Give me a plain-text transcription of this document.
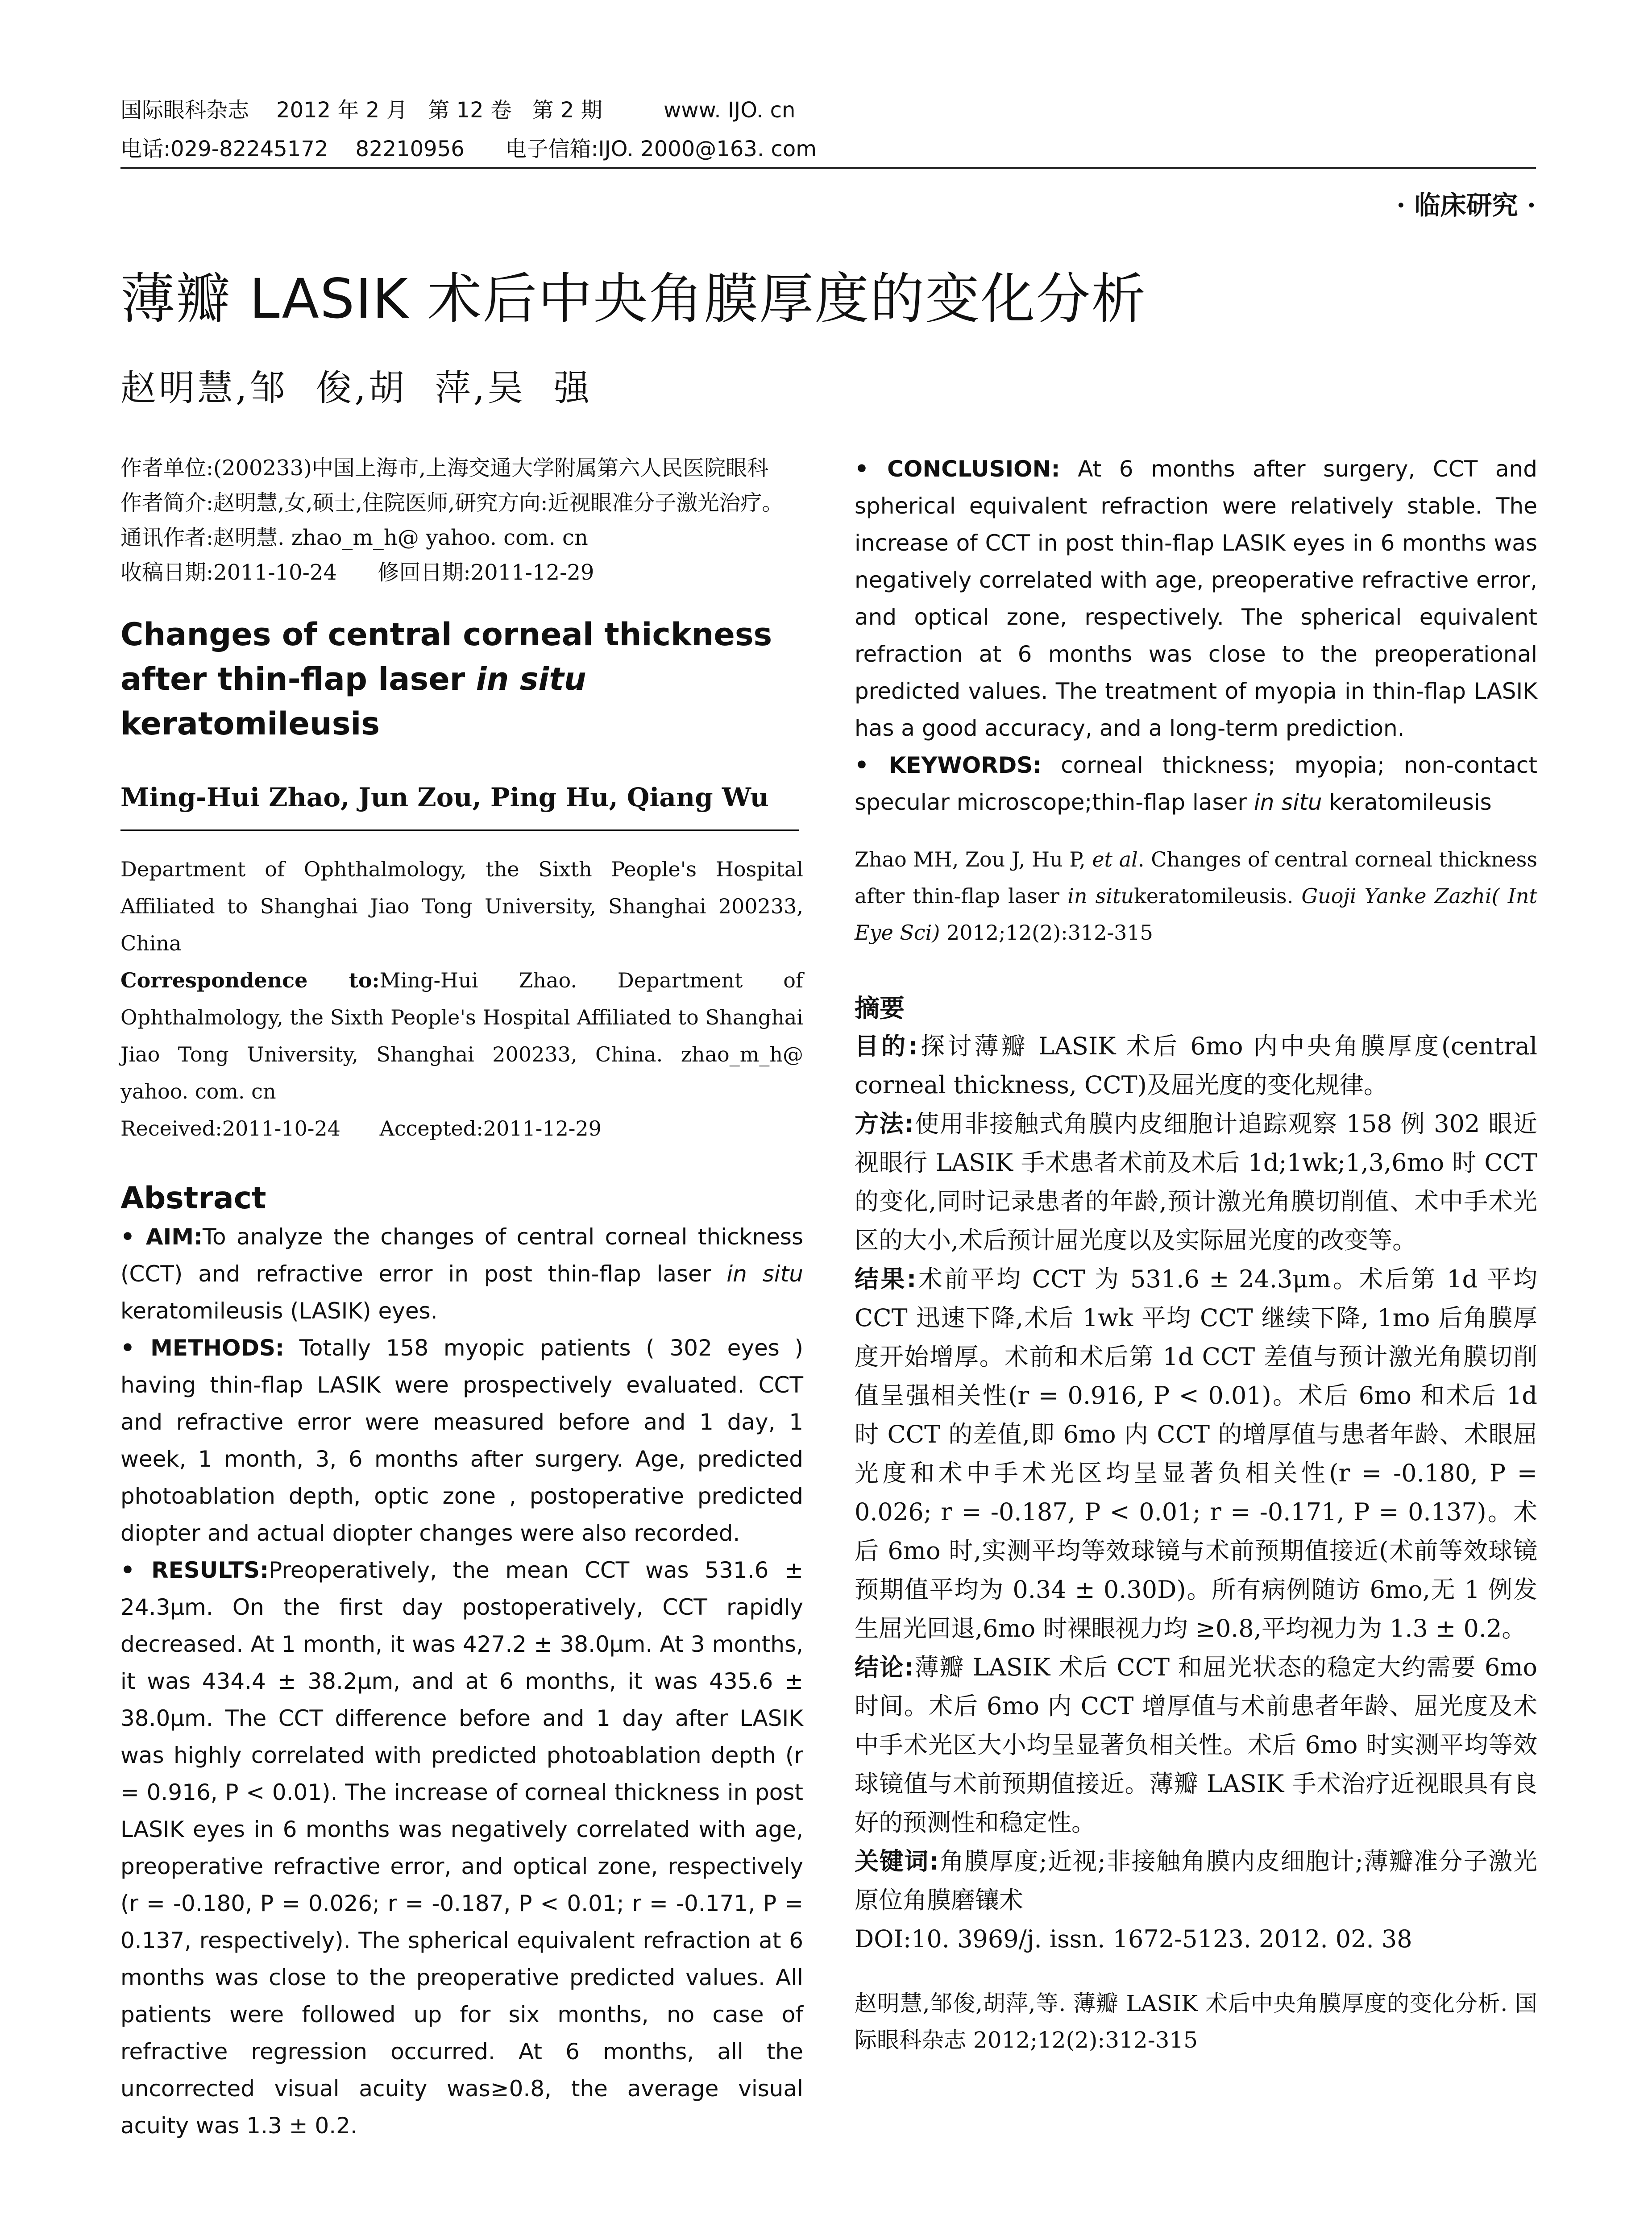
国际眼科杂志    2012 年 2 月   第 12 卷   第 2 期         www. IJO. cn
电话:029-82245172    82210956      电子信箱:IJO. 2000@163. com
· 临床研究 ·
薄瓣 LASIK 术后中央角膜厚度的变化分析
赵明慧,邹  俊,胡  萍,吴  强

作者单位:(200233)中国上海市,上海交通大学附属第六人民医院眼科

作者简介:赵明慧,女,硕士,住院医师,研究方向:近视眼准分子激光治疗。

通讯作者:赵明慧. zhao_m_h@ yahoo. com. cn

收稿日期:2011-10-24      修回日期:2011-12-29

Changes of central corneal thickness after thin-flap laser in situ keratomileusis
Ming-Hui Zhao, Jun Zou, Ping Hu, Qiang Wu

Department of Ophthalmology, the Sixth People's Hospital Affiliated to Shanghai Jiao Tong University, Shanghai 200233, China

Correspondence to:Ming-Hui Zhao. Department of Ophthalmology, the Sixth People's Hospital Affiliated to Shanghai Jiao Tong University, Shanghai 200233, China. zhao_m_h@ yahoo. com. cn

Received:2011-10-24      Accepted:2011-12-29

Abstract

• AIM:To analyze the changes of central corneal thickness (CCT) and refractive error in post thin-flap laser in situ keratomileusis (LASIK) eyes.

• METHODS: Totally 158 myopic patients ( 302 eyes ) having thin-flap LASIK were prospectively evaluated. CCT and refractive error were measured before and 1 day, 1 week, 1 month, 3, 6 months after surgery. Age, predicted photoablation depth, optic zone , postoperative predicted diopter and actual diopter changes were also recorded.

• RESULTS:Preoperatively, the mean CCT was 531.6 ± 24.3μm. On the first day postoperatively, CCT rapidly decreased. At 1 month, it was 427.2 ± 38.0μm. At 3 months, it was 434.4 ± 38.2μm, and at 6 months, it was 435.6 ± 38.0μm. The CCT difference before and 1 day after LASIK was highly correlated with predicted photoablation depth (r = 0.916, P < 0.01). The increase of corneal thickness in post LASIK eyes in 6 months was negatively correlated with age, preoperative refractive error, and optical zone, respectively (r = -0.180, P = 0.026; r = -0.187, P < 0.01; r = -0.171, P = 0.137, respectively). The spherical equivalent refraction at 6 months was close to the preoperative predicted values. All patients were followed up for six months, no case of refractive regression occurred. At 6 months, all the uncorrected visual acuity was≥0.8, the average visual acuity was 1.3 ± 0.2.

• CONCLUSION: At 6 months after surgery, CCT and spherical equivalent refraction were relatively stable. The increase of CCT in post thin-flap LASIK eyes in 6 months was negatively correlated with age, preoperative refractive error, and optical zone, respectively. The spherical equivalent refraction at 6 months was close to the preoperational predicted values. The treatment of myopia in thin-flap LASIK has a good accuracy, and a long-term prediction.

• KEYWORDS: corneal thickness; myopia; non-contact specular microscope;thin-flap laser in situ keratomileusis

Zhao MH, Zou J, Hu P, et al. Changes of central corneal thickness after thin-flap laser in situkeratomileusis. Guoji Yanke Zazhi( Int Eye Sci) 2012;12(2):312-315

摘要

目的:探讨薄瓣 LASIK 术后 6mo 内中央角膜厚度(central corneal thickness, CCT)及屈光度的变化规律。

方法:使用非接触式角膜内皮细胞计追踪观察 158 例 302 眼近视眼行 LASIK 手术患者术前及术后 1d;1wk;1,3,6mo 时 CCT 的变化,同时记录患者的年龄,预计激光角膜切削值、术中手术光区的大小,术后预计屈光度以及实际屈光度的改变等。

结果:术前平均 CCT 为 531.6 ± 24.3μm。术后第 1d 平均 CCT 迅速下降,术后 1wk 平均 CCT 继续下降, 1mo 后角膜厚度开始增厚。术前和术后第 1d CCT 差值与预计激光角膜切削值呈强相关性(r = 0.916, P < 0.01)。术后 6mo 和术后 1d 时 CCT 的差值,即 6mo 内 CCT 的增厚值与患者年龄、术眼屈光度和术中手术光区均呈显著负相关性(r = -0.180, P = 0.026; r = -0.187, P < 0.01; r = -0.171, P = 0.137)。术后 6mo 时,实测平均等效球镜与术前预期值接近(术前等效球镜预期值平均为 0.34 ± 0.30D)。所有病例随访 6mo,无 1 例发生屈光回退,6mo 时裸眼视力均 ≥0.8,平均视力为 1.3 ± 0.2。

结论:薄瓣 LASIK 术后 CCT 和屈光状态的稳定大约需要 6mo 时间。术后 6mo 内 CCT 增厚值与术前患者年龄、屈光度及术中手术光区大小均呈显著负相关性。术后 6mo 时实测平均等效球镜值与术前预期值接近。薄瓣 LASIK 手术治疗近视眼具有良好的预测性和稳定性。

关键词:角膜厚度;近视;非接触角膜内皮细胞计;薄瓣准分子激光原位角膜磨镶术

DOI:10. 3969/j. issn. 1672-5123. 2012. 02. 38

赵明慧,邹俊,胡萍,等. 薄瓣 LASIK 术后中央角膜厚度的变化分析. 国际眼科杂志 2012;12(2):312-315
